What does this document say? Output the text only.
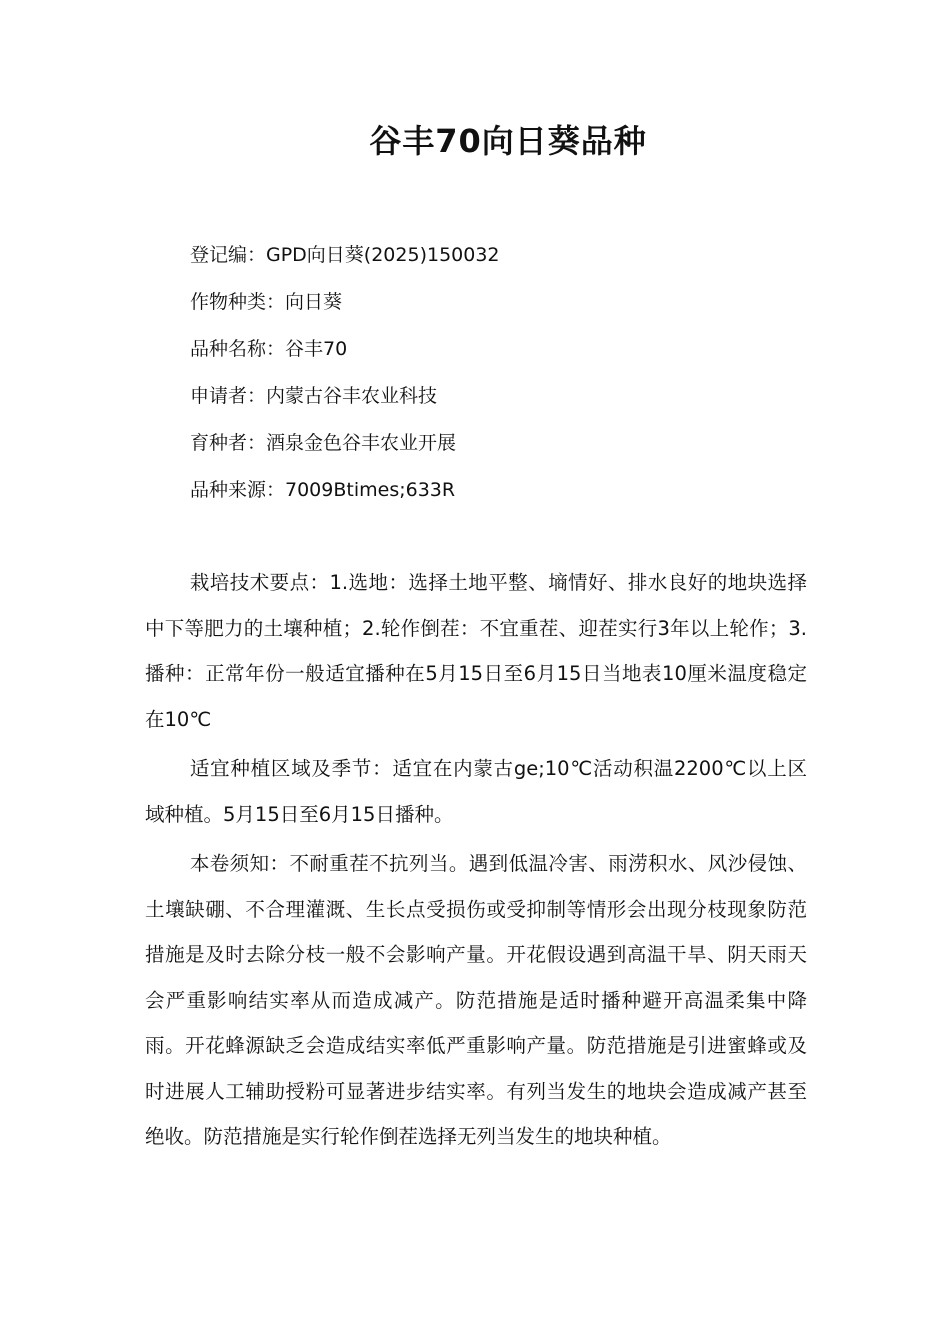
谷丰70向日葵品种
登记编：GPD向日葵(2025)150032
作物种类：向日葵
品种名称：谷丰70
申请者：内蒙古谷丰农业科技
育种者：酒泉金色谷丰农业开展
品种来源：7009Btimes;633R

栽培技术要点：1.选地：选择土地平整、墒情好、排水良好的地块选择中下等肥力的土壤种植；2.轮作倒茬：不宜重茬、迎茬实行3年以上轮作；3.播种：正常年份一般适宜播种在5月15日至6月15日当地表10厘米温度稳定在10℃

适宜种植区域及季节：适宜在内蒙古ge;10℃活动积温2200℃以上区域种植。5月15日至6月15日播种。

本卷须知：不耐重茬不抗列当。遇到低温冷害、雨涝积水、风沙侵蚀、土壤缺硼、不合理灌溉、生长点受损伤或受抑制等情形会出现分枝现象防范措施是及时去除分枝一般不会影响产量。开花假设遇到高温干旱、阴天雨天会严重影响结实率从而造成减产。防范措施是适时播种避开高温柔集中降雨。开花蜂源缺乏会造成结实率低严重影响产量。防范措施是引进蜜蜂或及时进展人工辅助授粉可显著进步结实率。有列当发生的地块会造成减产甚至绝收。防范措施是实行轮作倒茬选择无列当发生的地块种植。
